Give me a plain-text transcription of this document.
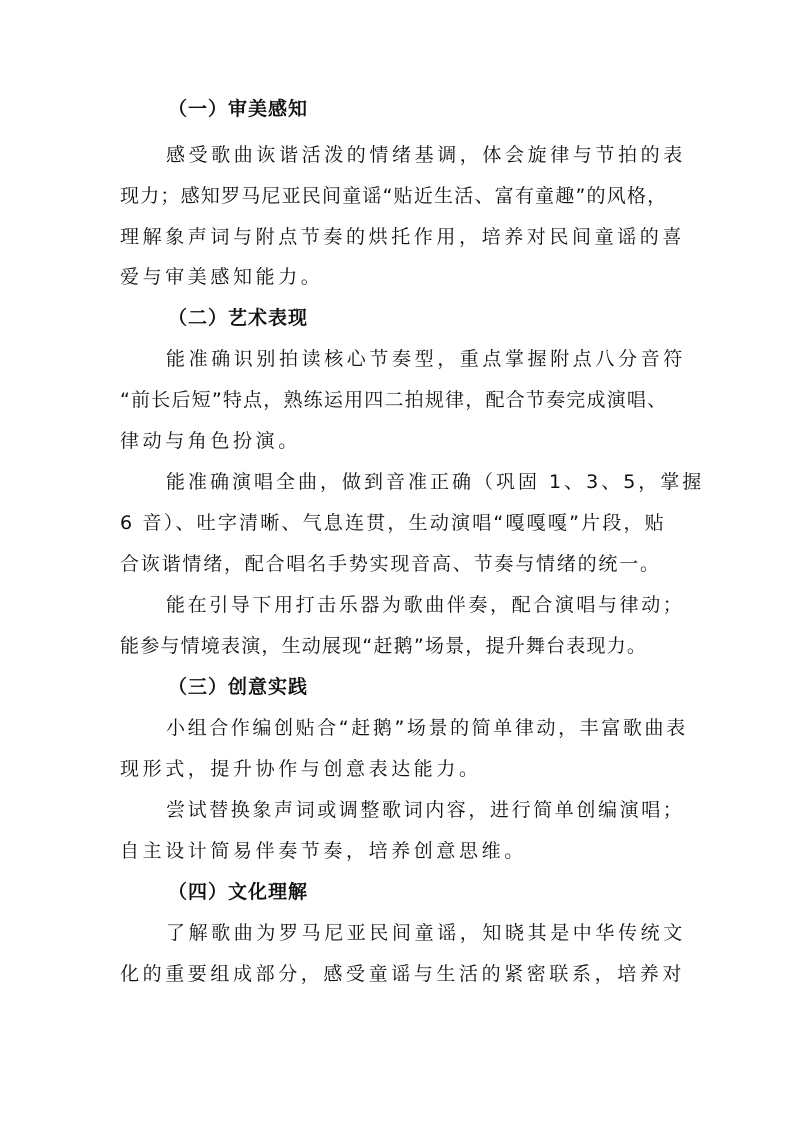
（一）审美感知
感受歌曲诙谐活泼的情绪基调，体会旋律与节拍的表
现力；感知罗马尼亚民间童谣“贴近生活、富有童趣”的风格，
理解象声词与附点节奏的烘托作用，培养对民间童谣的喜
爱与审美感知能力。
（二）艺术表现
能准确识别拍读核心节奏型，重点掌握附点八分音符
“前长后短”特点，熟练运用四二拍规律，配合节奏完成演唱、
律动与角色扮演。
能准确演唱全曲，做到音准正确（巩固 1、3、5，掌握
6 音）、吐字清晰、气息连贯，生动演唱“嘎嘎嘎”片段，贴
合诙谐情绪，配合唱名手势实现音高、节奏与情绪的统一。
能在引导下用打击乐器为歌曲伴奏，配合演唱与律动；
能参与情境表演，生动展现“赶鹅”场景，提升舞台表现力。
（三）创意实践
小组合作编创贴合“赶鹅”场景的简单律动，丰富歌曲表
现形式，提升协作与创意表达能力。
尝试替换象声词或调整歌词内容，进行简单创编演唱；
自主设计简易伴奏节奏，培养创意思维。
（四）文化理解
了解歌曲为罗马尼亚民间童谣，知晓其是中华传统文
化的重要组成部分，感受童谣与生活的紧密联系，培养对
